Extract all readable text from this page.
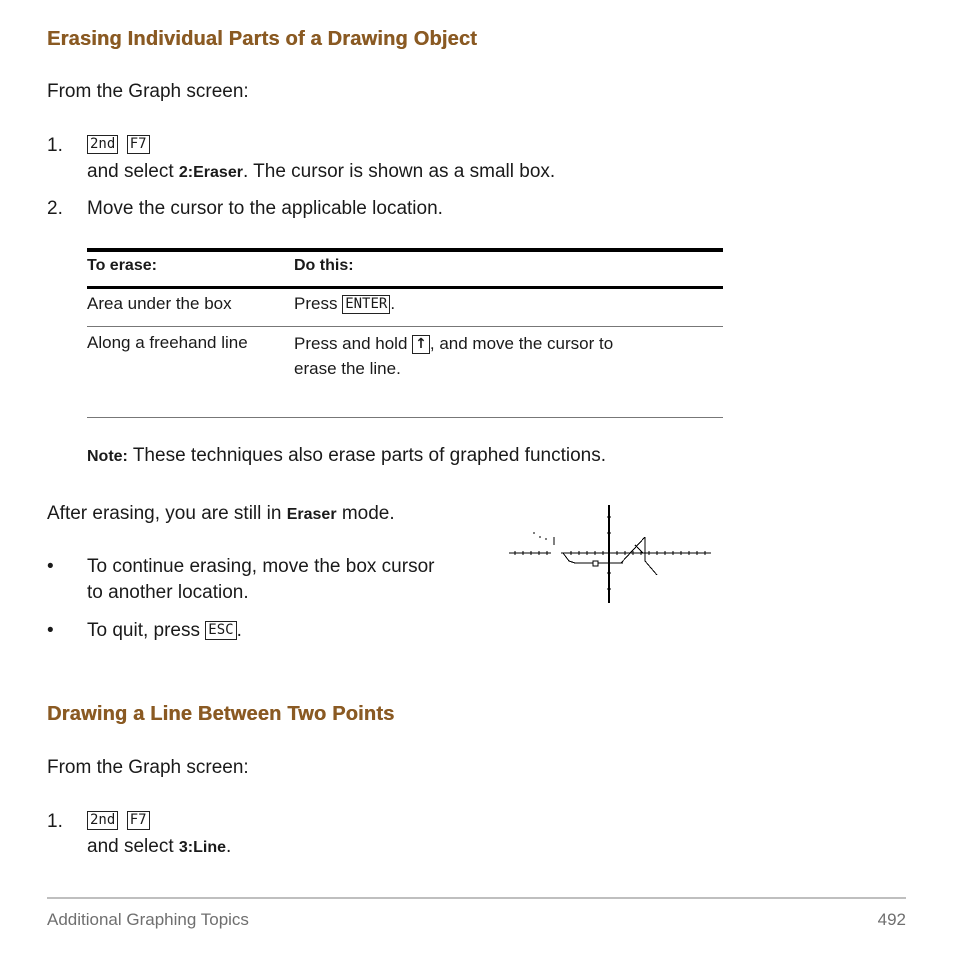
Erasing Individual Parts of a Drawing Object
From the Graph screen:
1. 2nd F7
and select 2:Eraser. The cursor is shown as a small box.
2. Move the cursor to the applicable location.
To erase:	Do this:
Area under the box	Press ENTER .
Along a freehand line	Press and hold ↑ , and move the cursor to
erase the line.
Note: These techniques also erase parts of graphed functions.
After erasing, you are still in Eraser mode.
• To continue erasing, move the box cursor
to another location.
• To quit, press ESC .
Drawing a Line Between Two Points
From the Graph screen:
1. 2nd F7
and select 3:Line.
Additional Graphing Topics	492
